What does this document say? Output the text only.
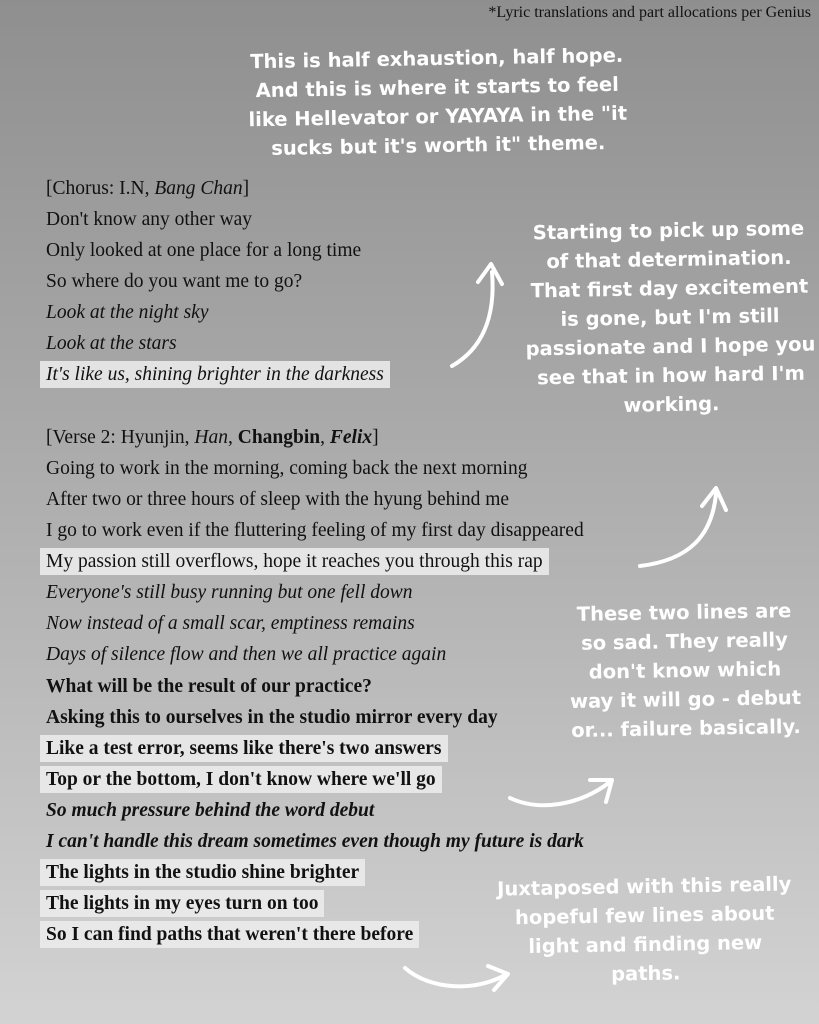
*Lyric translations and part allocations per Genius
[Chorus: I.N, Bang Chan]
Don't know any other way
Only looked at one place for a long time
So where do you want me to go?
Look at the night sky
Look at the stars
It's like us, shining brighter in the darkness
[Verse 2: Hyunjin, Han, Changbin, Felix]
Going to work in the morning, coming back the next morning
After two or three hours of sleep with the hyung behind me
I go to work even if the fluttering feeling of my first day disappeared
My passion still overflows, hope it reaches you through this rap
Everyone's still busy running but one fell down
Now instead of a small scar, emptiness remains
Days of silence flow and then we all practice again
What will be the result of our practice?
Asking this to ourselves in the studio mirror every day
Like a test error, seems like there's two answers
Top or the bottom, I don't know where we'll go
So much pressure behind the word debut
I can't handle this dream sometimes even though my future is dark
The lights in the studio shine brighter
The lights in my eyes turn on too
So I can find paths that weren't there before
This is half exhaustion, half hope. And this is where it starts to feel like Hellevator or YAYAYA in the "it sucks but it's worth it" theme.
Starting to pick up some of that determination. That first day excitement is gone, but I'm still passionate and I hope you see that in how hard I'm working.
These two lines are so sad. They really don't know which way it will go - debut or... failure basically.
Juxtaposed with this really hopeful few lines about light and finding new paths.
